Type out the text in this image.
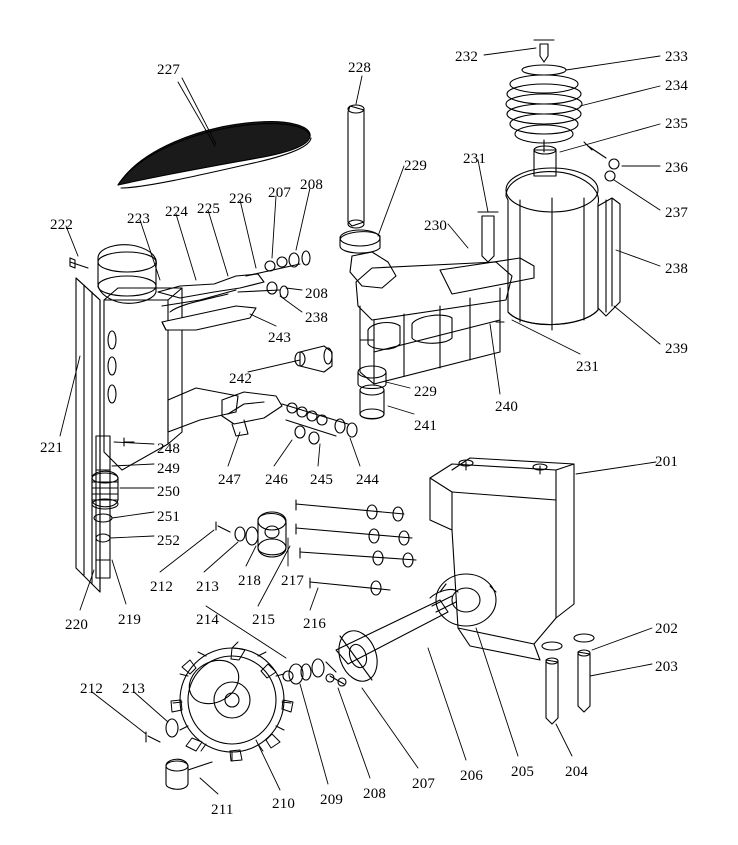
227	228
232	233
234
235
229 231
236
237
222	223 224 225
226 207 208
230
238
208
238
243
239
231
242
229
240
241
221	248
249
250
247 246 245 244
201
251
252
212 213 218 217
220 219	214 215 216	202
203
212 213
205 204
206
207
208
209
210
211
